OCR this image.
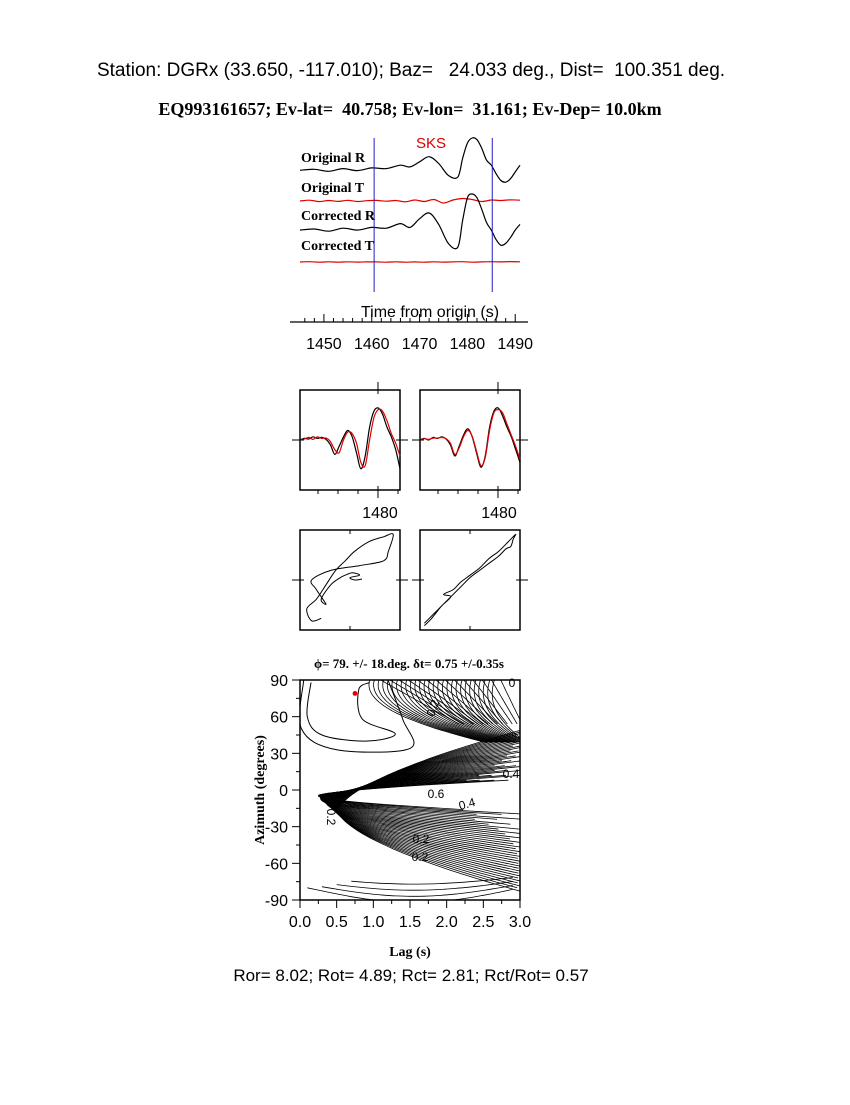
Station: DGRx (33.650, -117.010); Baz=   24.033 deg., Dist=  100.351 deg.
EQ993161657; Ev-lat=  40.758; Ev-lon=  31.161; Ev-Dep= 10.0km
SKS
Original R
Original T
Corrected R
Corrected T
Time from origin (s)
1450 1460 1470 1480 1490
1480	1480
ϕ= 79. +/- 18.deg. δt= 0.75 +/-0.35s
0.2
0.2	0.4
0.6
0.4
0.2
0.2
0.2
0
0.0 0.5 1.0 1.5 2.0 2.5 3.0
90
60
30
0
-30
-60
-90
Lag (s)
Azimuth (degrees)
Ror= 8.02; Rot= 4.89; Rct= 2.81; Rct/Rot= 0.57
